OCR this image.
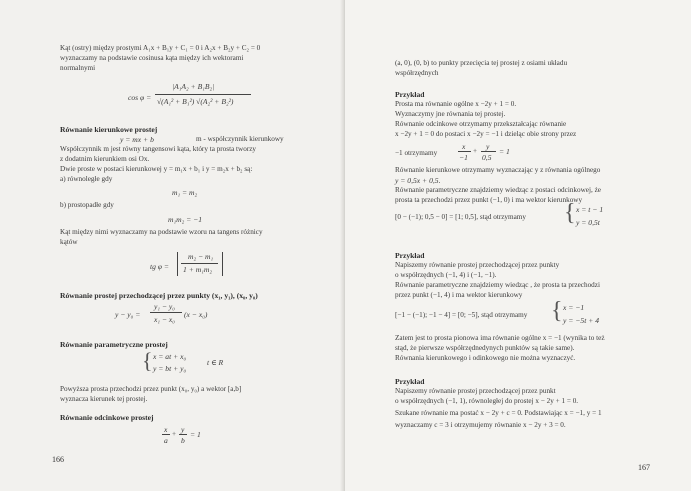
Kąt (ostry) między prostymi A₁x + B₁y + C₁ = 0 i A₂x + B₂y + C₂ = 0
wyznaczamy na podstawie cosinusa kąta między ich wektorami
normalnymi
cos φ =
|A₁A₂ + B₁B₂|
√(A₁² + B₁²) √(A₂² + B₂²)
Równanie kierunkowe prostej
y = mx + b	m - współczynnik kierunkowy
Współczynnik m jest równy tangensowi kąta, który ta prosta tworzy
z dodatnim kierunkiem osi Ox.
Dwie proste w postaci kierunkowej y = m₁x + b₁ i y = m₂x + b₂ są:
a) równoległe gdy
m₁ = m₂
b) prostopadłe gdy
m₁m₂ = −1
Kąt między nimi wyznaczamy na podstawie wzoru na tangens różnicy
kątów
tg φ =
m₂ − m₁
1 + m₁m₂
Równanie prostej przechodzącej przez punkty (x₁, y₁), (x₀, y₀)
y − y₀ =
y₁ − y₀
x₁ − x₀
(x − x₀)
Równanie parametryczne prostej
{ x = at + x₀
y = bt + y₀
t ∈ R
Powyższa prosta przechodzi przez punkt (x₀, y₀) a wektor [a,b]
wyznacza kierunek tej prostej.
Równanie odcinkowe prostej
x
a
+ y
b
= 1
166
(a, 0), (0, b) to punkty przecięcia tej prostej z osiami układu
współrzędnych
Przykład
Prosta ma równanie ogólne x −2y + 1 = 0.
Wyznaczymy jne równania tej prostej.
Równanie odcinkowe otrzymamy przekształcając równanie
x −2y + 1 = 0 do postaci x −2y = −1 i dzieląc obie strony przez
−1 otrzymamy
x
−1
+ y
0,5
= 1
Równanie kierunkowe otrzymamy wyznaczając y z równania ogólnego
y = 0,5x + 0,5.
Równanie parametryczne znajdziemy wiedząc z postaci odcinkowej, że
prosta ta przechodzi przez punkt (−1, 0) i ma wektor kierunkowy
[0 − (−1); 0,5 − 0] = [1; 0,5], stąd otrzymamy { x = t − 1
y = 0,5t
Przykład
Napiszemy równanie prostej przechodzącej przez punkty
o współrzędnych (−1, 4) i (−1, −1).
Równanie parametryczne znajdziemy wiedząc , że prosta ta przechodzi
przez punkt (−1, 4) i ma wektor kierunkowy
[−1 − (−1); −1 − 4] = [0; −5], stąd otrzymamy { x = −1
y = −5t + 4
Zatem jest to prosta pionowa ima równanie ogólne x = −1 (wynika to też
stąd, że pierwsze współrzędnedynych punktów są takie same).
Równania kierunkowego i odinkowego nie można wyznaczyć.
Przykład
Napiszemy równanie prostej przechodzącej przez punkt
o współrzędnych (−1, 1), równoległej do prostej x − 2y + 1 = 0.
Szukane równanie ma postać x − 2y + c = 0. Podstawiając x = −1, y = 1
wyznaczamy c = 3 i otrzymujemy równanie x − 2y + 3 = 0.
167
